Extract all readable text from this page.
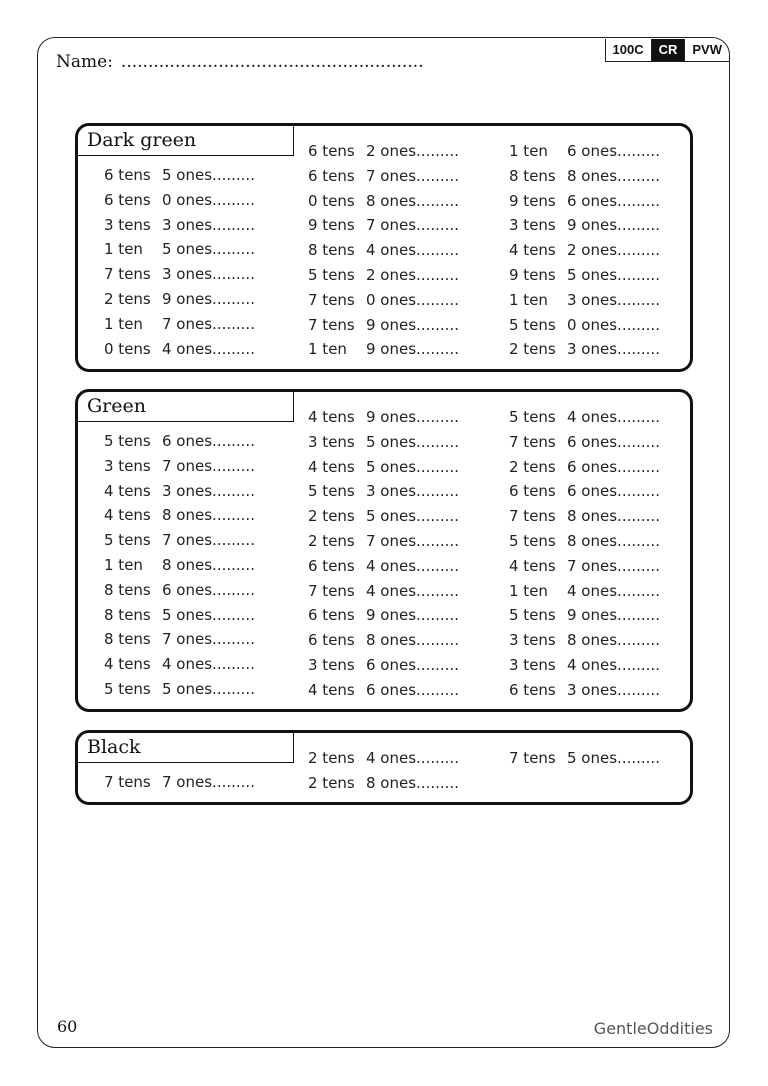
100C	CR	PVW
Name: ........................................................
Dark green
6 tens 5 ones.........
6 tens 0 ones.........
3 tens 3 ones.........
1 ten 5 ones.........
7 tens 3 ones.........
2 tens 9 ones.........
1 ten 7 ones.........
0 tens 4 ones.........
6 tens 2 ones.........
6 tens 7 ones.........
0 tens 8 ones.........
9 tens 7 ones.........
8 tens 4 ones.........
5 tens 2 ones.........
7 tens 0 ones.........
7 tens 9 ones.........
1 ten 9 ones.........
1 ten 6 ones.........
8 tens 8 ones.........
9 tens 6 ones.........
3 tens 9 ones.........
4 tens 2 ones.........
9 tens 5 ones.........
1 ten 3 ones.........
5 tens 0 ones.........
2 tens 3 ones.........
Green
5 tens 6 ones.........
3 tens 7 ones.........
4 tens 3 ones.........
4 tens 8 ones.........
5 tens 7 ones.........
1 ten 8 ones.........
8 tens 6 ones.........
8 tens 5 ones.........
8 tens 7 ones.........
4 tens 4 ones.........
5 tens 5 ones.........
4 tens 9 ones.........
3 tens 5 ones.........
4 tens 5 ones.........
5 tens 3 ones.........
2 tens 5 ones.........
2 tens 7 ones.........
6 tens 4 ones.........
7 tens 4 ones.........
6 tens 9 ones.........
6 tens 8 ones.........
3 tens 6 ones.........
4 tens 6 ones.........
5 tens 4 ones.........
7 tens 6 ones.........
2 tens 6 ones.........
6 tens 6 ones.........
7 tens 8 ones.........
5 tens 8 ones.........
4 tens 7 ones.........
1 ten 4 ones.........
5 tens 9 ones.........
3 tens 8 ones.........
3 tens 4 ones.........
6 tens 3 ones.........
Black
7 tens 7 ones.........
2 tens 4 ones.........
2 tens 8 ones.........
7 tens 5 ones.........
60	GentleOddities
